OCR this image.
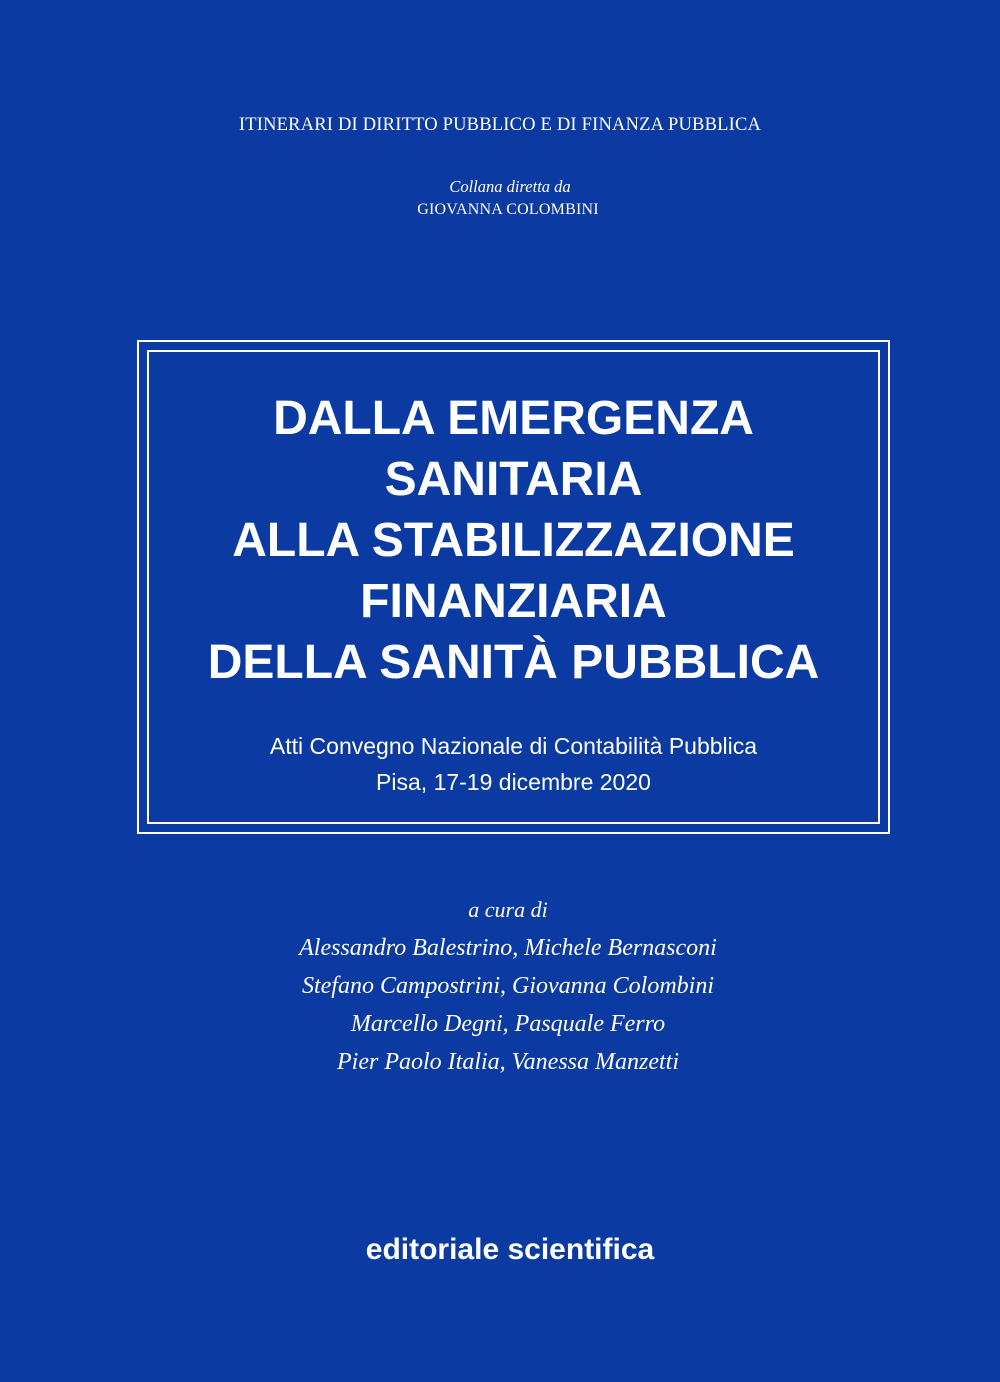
ITINERARI DI DIRITTO PUBBLICO E DI FINANZA PUBBLICA
Collana diretta da
GIOVANNA COLOMBINI
DALLA EMERGENZA
SANITARIA
ALLA STABILIZZAZIONE
FINANZIARIA
DELLA SANITÀ PUBBLICA
Atti Convegno Nazionale di Contabilità Pubblica
Pisa, 17-19 dicembre 2020
a cura di
Alessandro Balestrino, Michele Bernasconi
Stefano Campostrini, Giovanna Colombini
Marcello Degni, Pasquale Ferro
Pier Paolo Italia, Vanessa Manzetti
editoriale scientifica
